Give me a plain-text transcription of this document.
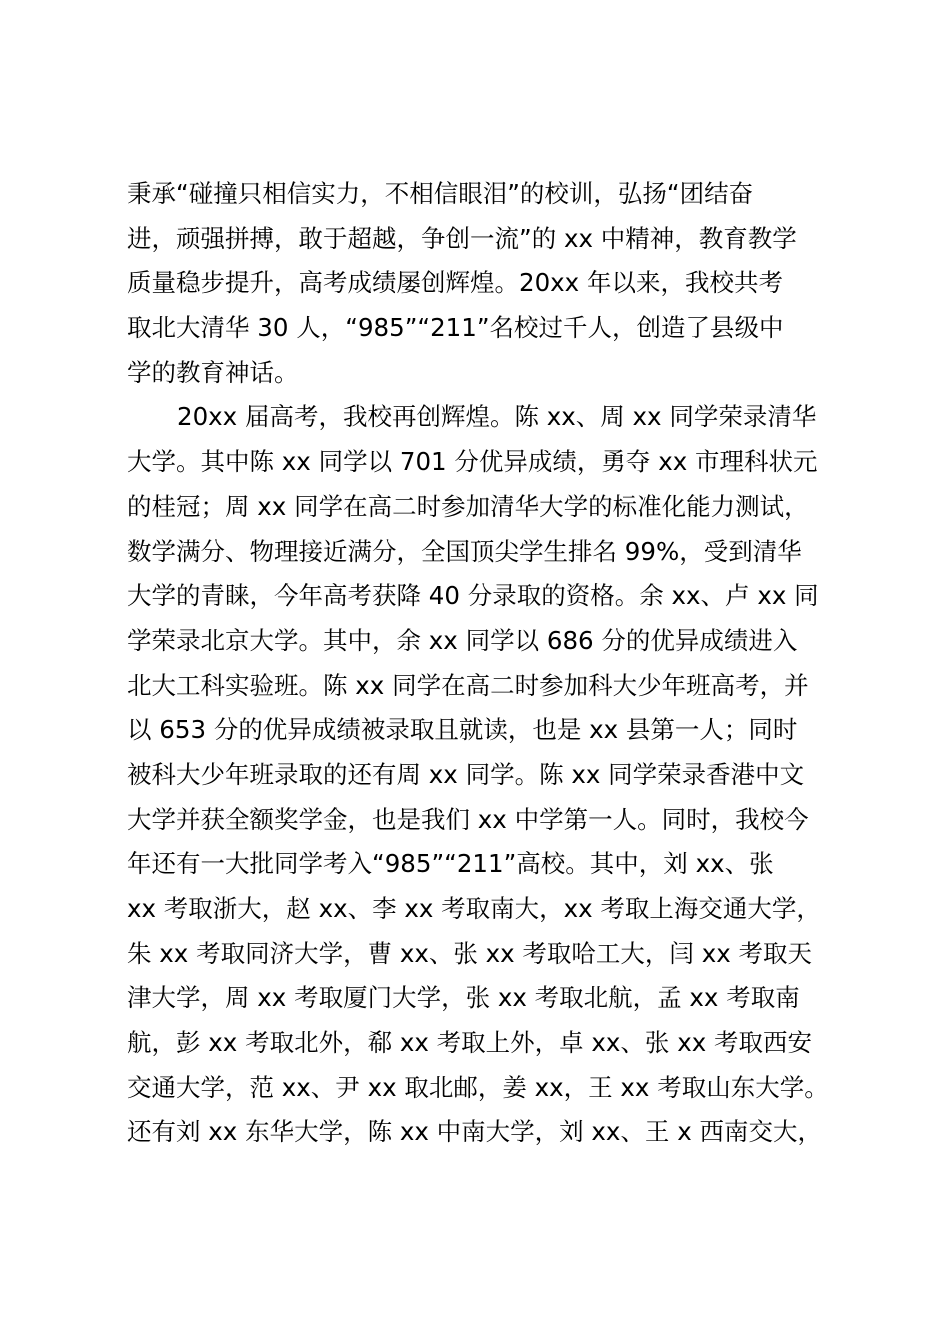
秉承“碰撞只相信实力，不相信眼泪”的校训，弘扬“团结奋
进，顽强拼搏，敢于超越，争创一流”的 xx 中精神，教育教学
质量稳步提升，高考成绩屡创辉煌。20xx 年以来，我校共考
取北大清华 30 人，“985”“211”名校过千人，创造了县级中
学的教育神话。
20xx 届高考，我校再创辉煌。陈 xx、周 xx 同学荣录清华
大学。其中陈 xx 同学以 701 分优异成绩，勇夺 xx 市理科状元
的桂冠；周 xx 同学在高二时参加清华大学的标准化能力测试，
数学满分、物理接近满分，全国顶尖学生排名 99%，受到清华
大学的青睐，今年高考获降 40 分录取的资格。余 xx、卢 xx 同
学荣录北京大学。其中，余 xx 同学以 686 分的优异成绩进入
北大工科实验班。陈 xx 同学在高二时参加科大少年班高考，并
以 653 分的优异成绩被录取且就读，也是 xx 县第一人；同时
被科大少年班录取的还有周 xx 同学。陈 xx 同学荣录香港中文
大学并获全额奖学金，也是我们 xx 中学第一人。同时，我校今
年还有一大批同学考入“985”“211”高校。其中，刘 xx、张
xx 考取浙大，赵 xx、李 xx 考取南大，xx 考取上海交通大学，
朱 xx 考取同济大学，曹 xx、张 xx 考取哈工大，闫 xx 考取天
津大学，周 xx 考取厦门大学，张 xx 考取北航，孟 xx 考取南
航，彭 xx 考取北外，郗 xx 考取上外，卓 xx、张 xx 考取西安
交通大学，范 xx、尹 xx 取北邮，姜 xx，王 xx 考取山东大学。
还有刘 xx 东华大学，陈 xx 中南大学，刘 xx、王 x 西南交大，
